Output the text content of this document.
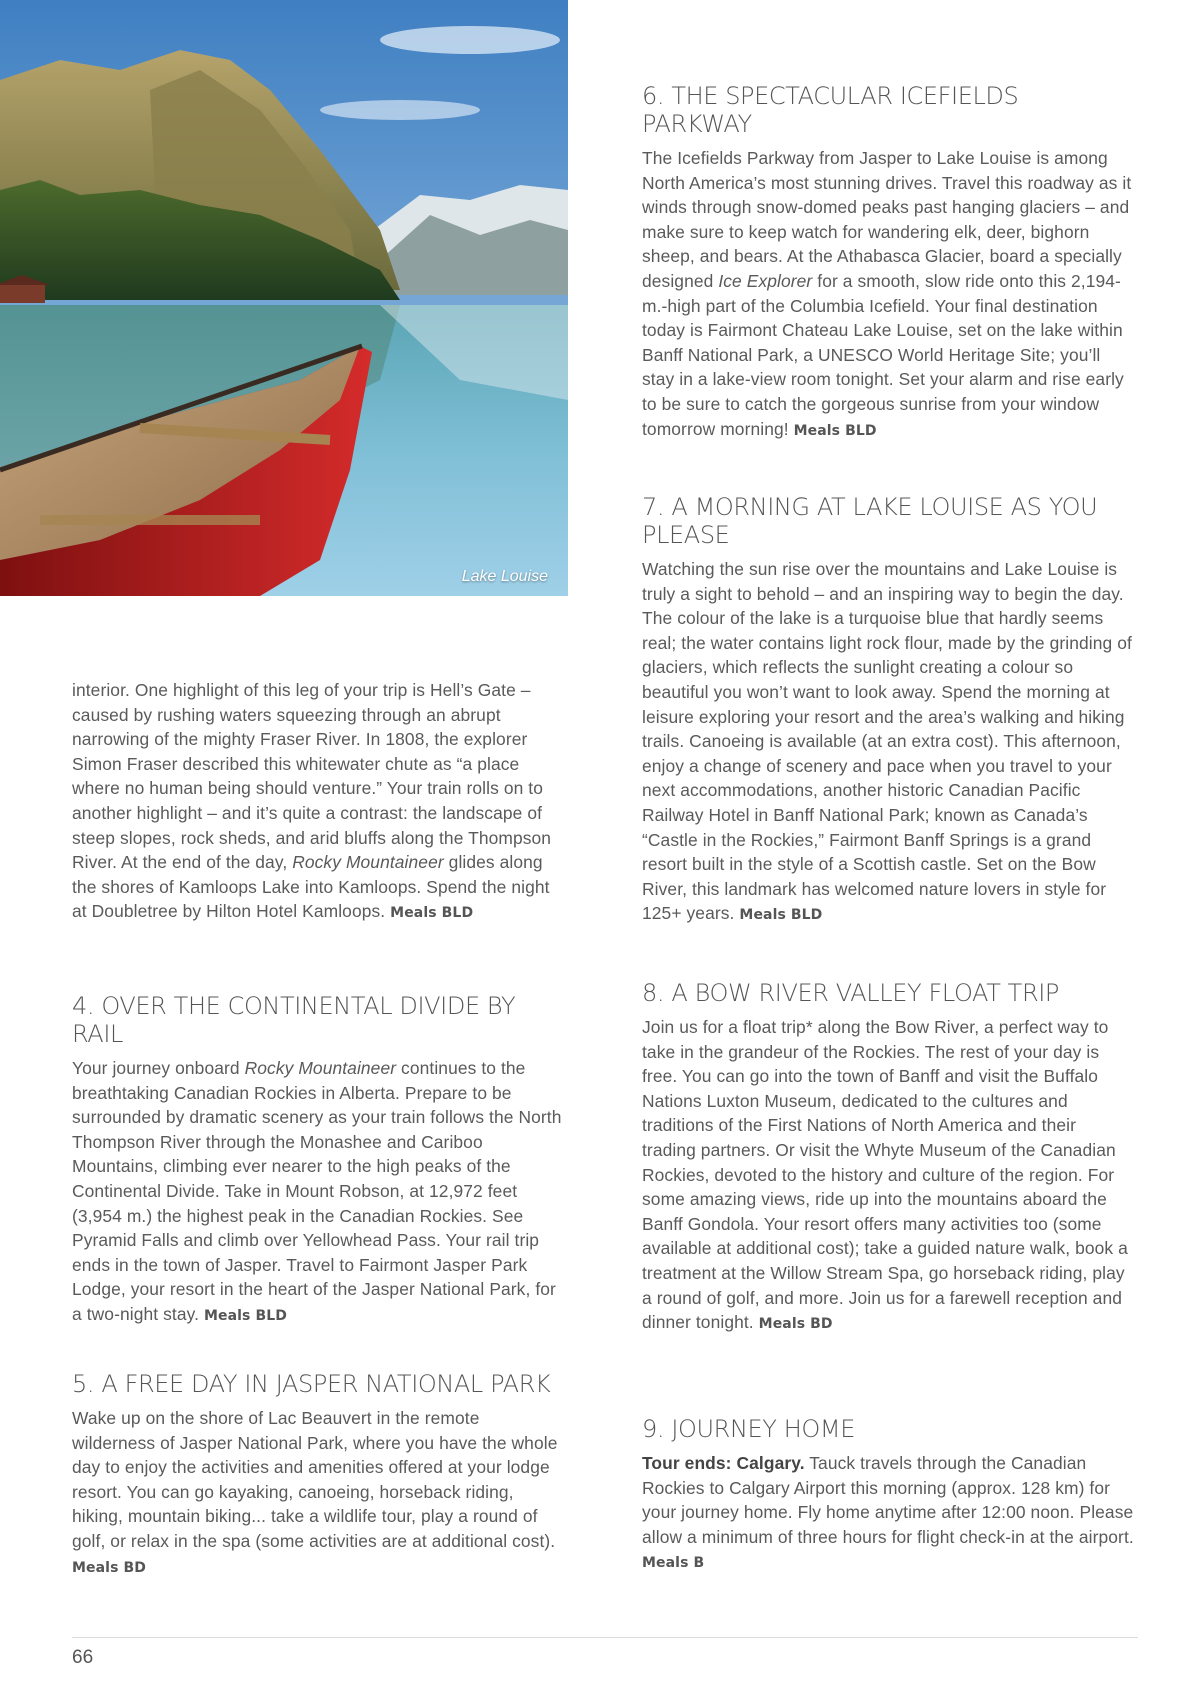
Lake Louise

interior. One highlight of this leg of your trip is Hell’s Gate – caused by rushing waters squeezing through an abrupt narrowing of the mighty Fraser River. In 1808, the explorer Simon Fraser described this whitewater chute as “a place where no human being should venture.” Your train rolls on to another highlight – and it’s quite a contrast: the landscape of steep slopes, rock sheds, and arid bluffs along the Thompson River. At the end of the day, Rocky Mountaineer glides along the shores of Kamloops Lake into Kamloops. Spend the night at Doubletree by Hilton Hotel Kamloops. Meals BLD

4. OVER THE CONTINENTAL DIVIDE BY RAIL

Your journey onboard Rocky Mountaineer continues to the breathtaking Canadian Rockies in Alberta. Prepare to be surrounded by dramatic scenery as your train follows the North Thompson River through the Monashee and Cariboo Mountains, climbing ever nearer to the high peaks of the Continental Divide. Take in Mount Robson, at 12,972 feet (3,954 m.) the highest peak in the Canadian Rockies. See Pyramid Falls and climb over Yellowhead Pass. Your rail trip ends in the town of Jasper. Travel to Fairmont Jasper Park Lodge, your resort in the heart of the Jasper National Park, for a two-night stay. Meals BLD

5. A FREE DAY IN JASPER NATIONAL PARK

Wake up on the shore of Lac Beauvert in the remote wilderness of Jasper National Park, where you have the whole day to enjoy the activities and amenities offered at your lodge resort. You can go kayaking, canoeing, horseback riding, hiking, mountain biking... take a wildlife tour, play a round of golf, or relax in the spa (some activities are at additional cost). Meals BD

6. THE SPECTACULAR ICEFIELDS PARKWAY

The Icefields Parkway from Jasper to Lake Louise is among North America’s most stunning drives. Travel this roadway as it winds through snow-domed peaks past hanging glaciers – and make sure to keep watch for wandering elk, deer, bighorn sheep, and bears. At the Athabasca Glacier, board a specially designed Ice Explorer for a smooth, slow ride onto this 2,194-m.-high part of the Columbia Icefield. Your final destination today is Fairmont Chateau Lake Louise, set on the lake within Banff National Park, a UNESCO World Heritage Site; you’ll stay in a lake-view room tonight. Set your alarm and rise early to be sure to catch the gorgeous sunrise from your window tomorrow morning! Meals BLD

7. A MORNING AT LAKE LOUISE AS YOU PLEASE

Watching the sun rise over the mountains and Lake Louise is truly a sight to behold – and an inspiring way to begin the day. The colour of the lake is a turquoise blue that hardly seems real; the water contains light rock flour, made by the grinding of glaciers, which reflects the sunlight creating a colour so beautiful you won’t want to look away. Spend the morning at leisure exploring your resort and the area’s walking and hiking trails. Canoeing is available (at an extra cost). This afternoon, enjoy a change of scenery and pace when you travel to your next accommodations, another historic Canadian Pacific Railway Hotel in Banff National Park; known as Canada’s “Castle in the Rockies,” Fairmont Banff Springs is a grand resort built in the style of a Scottish castle. Set on the Bow River, this landmark has welcomed nature lovers in style for 125+ years. Meals BLD

8. A BOW RIVER VALLEY FLOAT TRIP

Join us for a float trip* along the Bow River, a perfect way to take in the grandeur of the Rockies. The rest of your day is free. You can go into the town of Banff and visit the Buffalo Nations Luxton Museum, dedicated to the cultures and traditions of the First Nations of North America and their trading partners. Or visit the Whyte Museum of the Canadian Rockies, devoted to the history and culture of the region. For some amazing views, ride up into the mountains aboard the Banff Gondola. Your resort offers many activities too (some available at additional cost); take a guided nature walk, book a treatment at the Willow Stream Spa, go horseback riding, play a round of golf, and more. Join us for a farewell reception and dinner tonight. Meals BD

9. JOURNEY HOME

Tour ends: Calgary. Tauck travels through the Canadian Rockies to Calgary Airport this morning (approx. 128 km) for your journey home. Fly home anytime after 12:00 noon. Please allow a minimum of three hours for flight check-in at the airport. Meals B

66
